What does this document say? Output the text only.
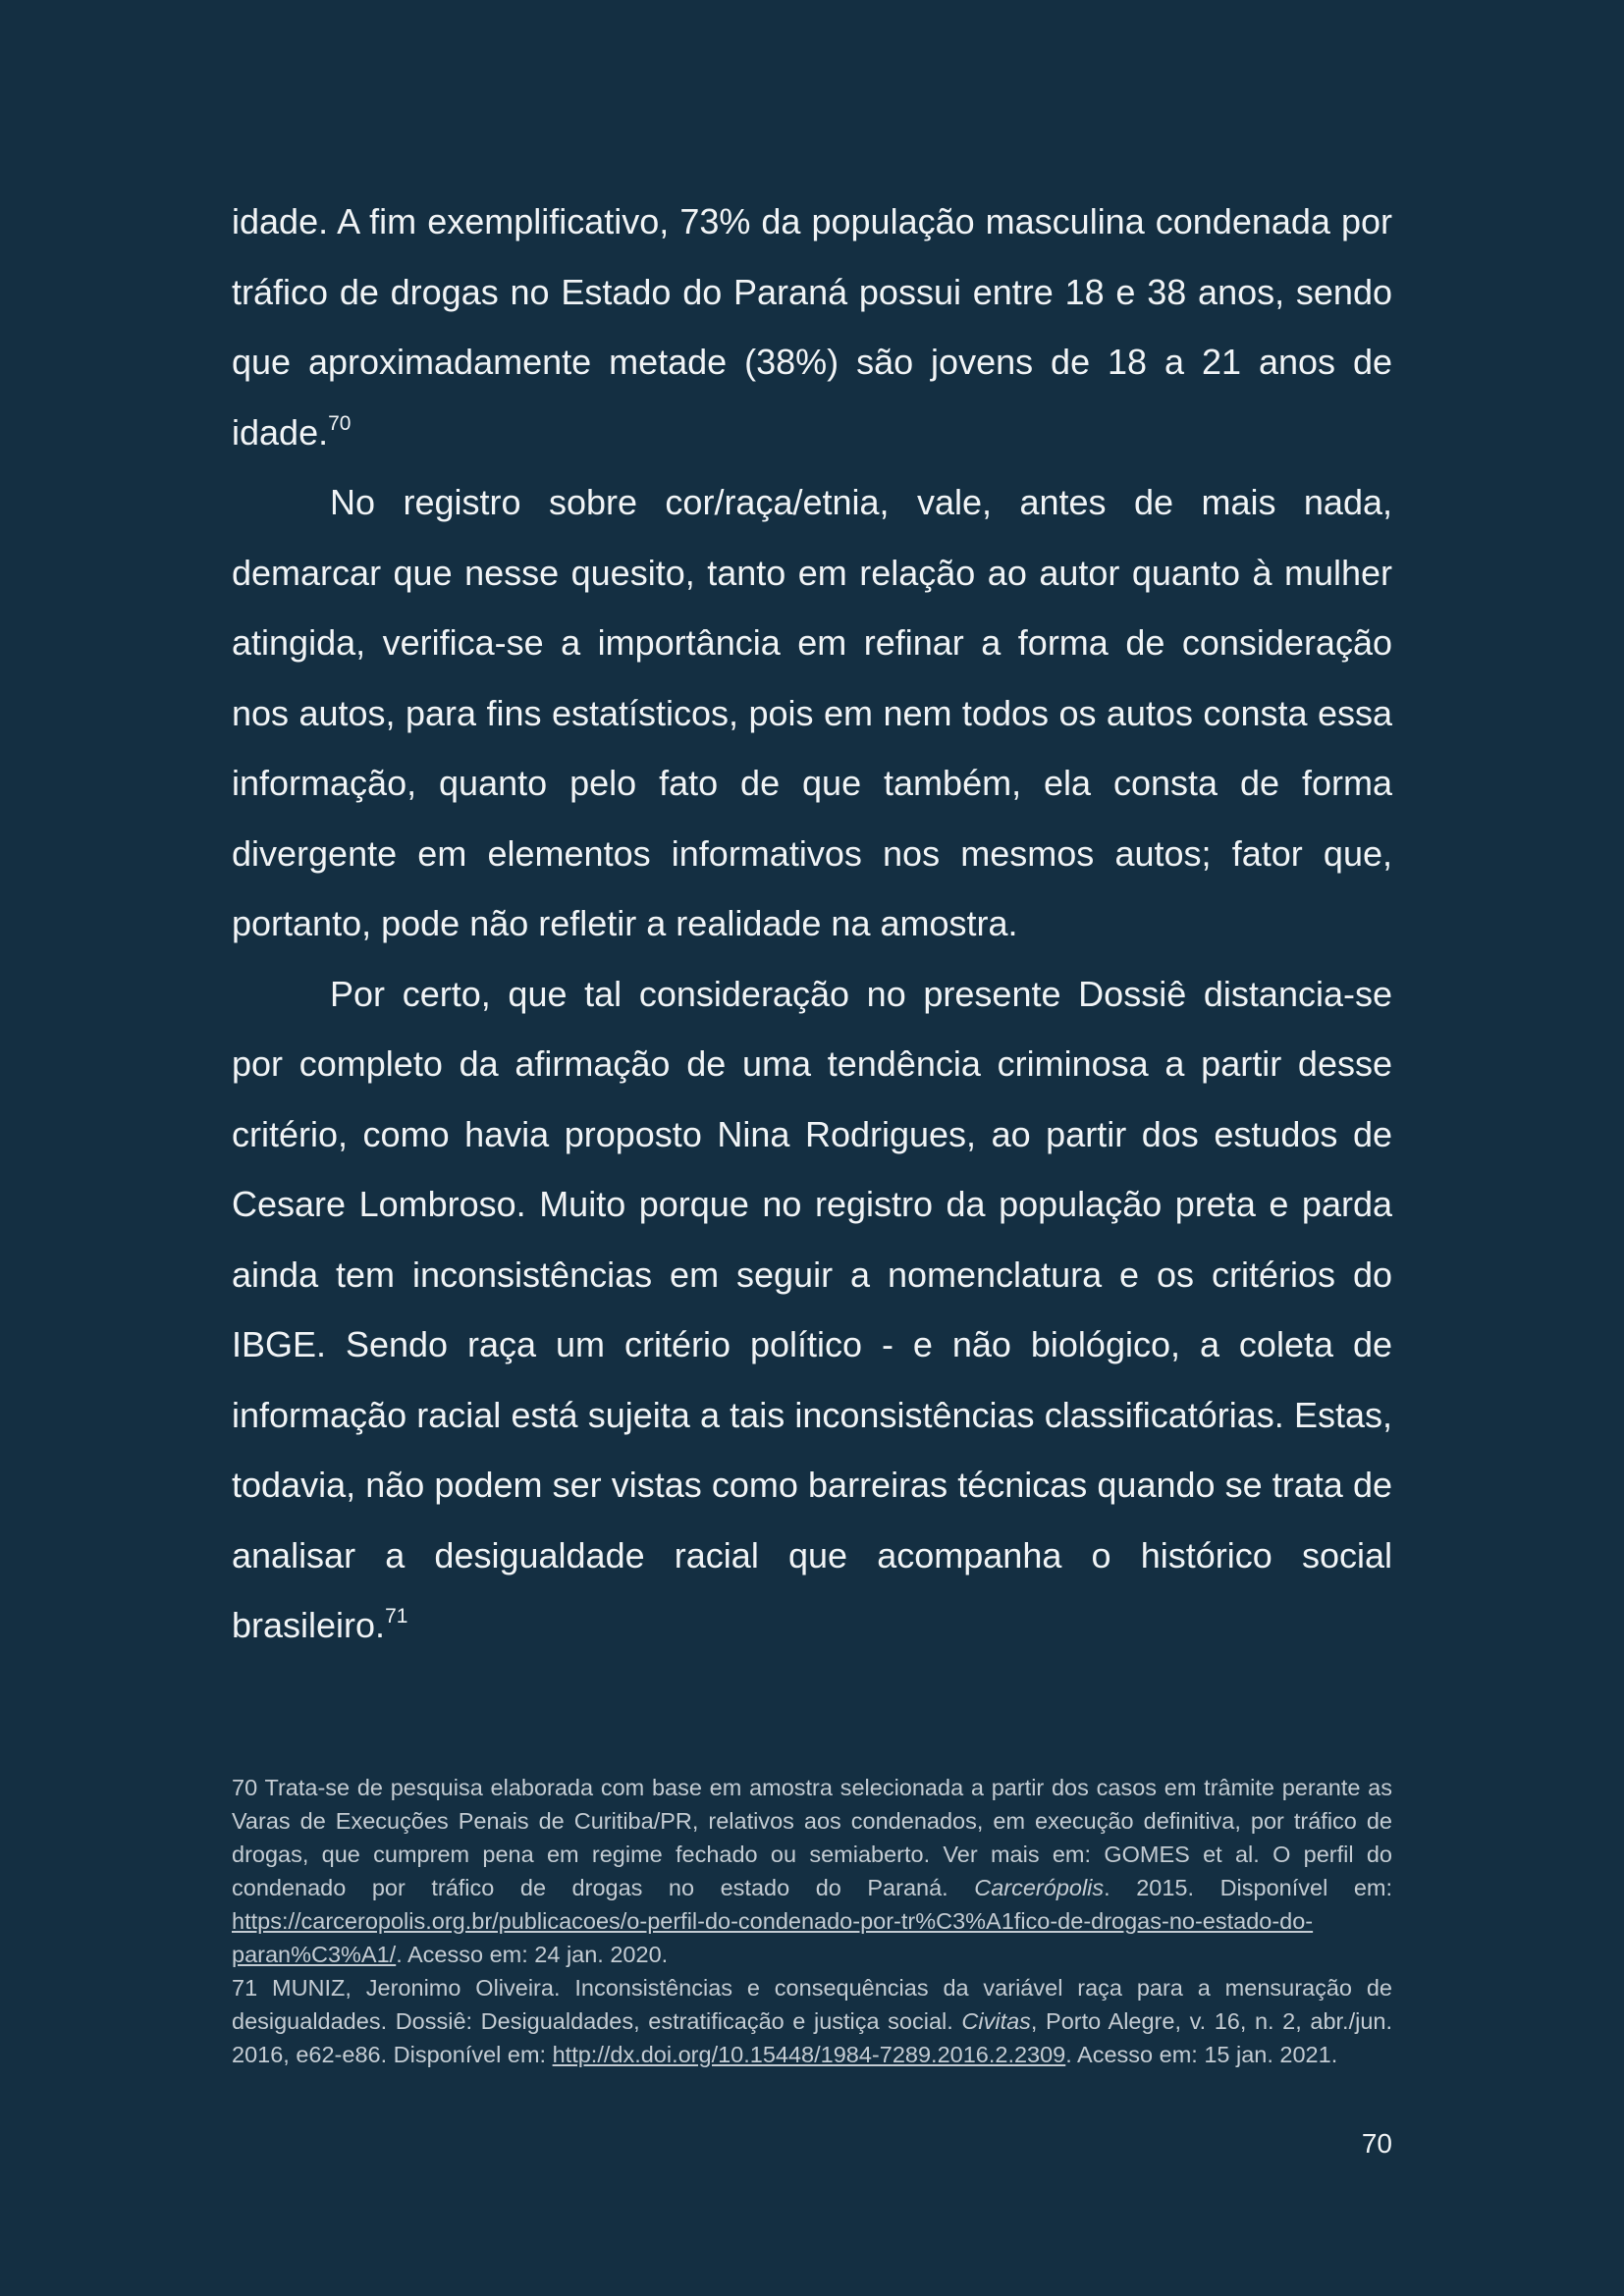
idade. A fim exemplificativo, 73% da população masculina condenada por tráfico de drogas no Estado do Paraná possui entre 18 e 38 anos, sendo que aproximadamente metade (38%) são jovens de 18 a 21 anos de idade.$^{70}$

No registro sobre cor/raça/etnia, vale, antes de mais nada, demarcar que nesse quesito, tanto em relação ao autor quanto à mulher atingida, verifica-se a importância em refinar a forma de consideração nos autos, para fins estatísticos, pois em nem todos os autos consta essa informação, quanto pelo fato de que também, ela consta de forma divergente em elementos informativos nos mesmos autos; fator que, portanto, pode não refletir a realidade na amostra.

Por certo, que tal consideração no presente Dossiê distancia-se por completo da afirmação de uma tendência criminosa a partir desse critério, como havia proposto Nina Rodrigues, ao partir dos estudos de Cesare Lombroso. Muito porque no registro da população preta e parda ainda tem inconsistências em seguir a nomenclatura e os critérios do IBGE. Sendo raça um critério político - e não biológico, a coleta de informação racial está sujeita a tais inconsistências classificatórias. Estas, todavia, não podem ser vistas como barreiras técnicas quando se trata de analisar a desigualdade racial que acompanha o histórico social brasileiro.$^{71}$

70 Trata-se de pesquisa elaborada com base em amostra selecionada a partir dos casos em trâmite perante as Varas de Execuções Penais de Curitiba/PR, relativos aos condenados, em execução definitiva, por tráfico de drogas, que cumprem pena em regime fechado ou semiaberto. Ver mais em: GOMES et al. O perfil do condenado por tráfico de drogas no estado do Paraná. Carcerópolis. 2015. Disponível em: https://carceropolis.org.br/publicacoes/o-perfil-do-condenado-por-tr%C3%A1fico-de-drogas-no-estado-do-paran%C3%A1/. Acesso em: 24 jan. 2020.

71 MUNIZ, Jeronimo Oliveira. Inconsistências e consequências da variável raça para a mensuração de desigualdades. Dossiê: Desigualdades, estratificação e justiça social. Civitas, Porto Alegre, v. 16, n. 2, abr./jun. 2016, e62-e86. Disponível em: http://dx.doi.org/10.15448/1984-7289.2016.2.2309. Acesso em: 15 jan. 2021.

70
